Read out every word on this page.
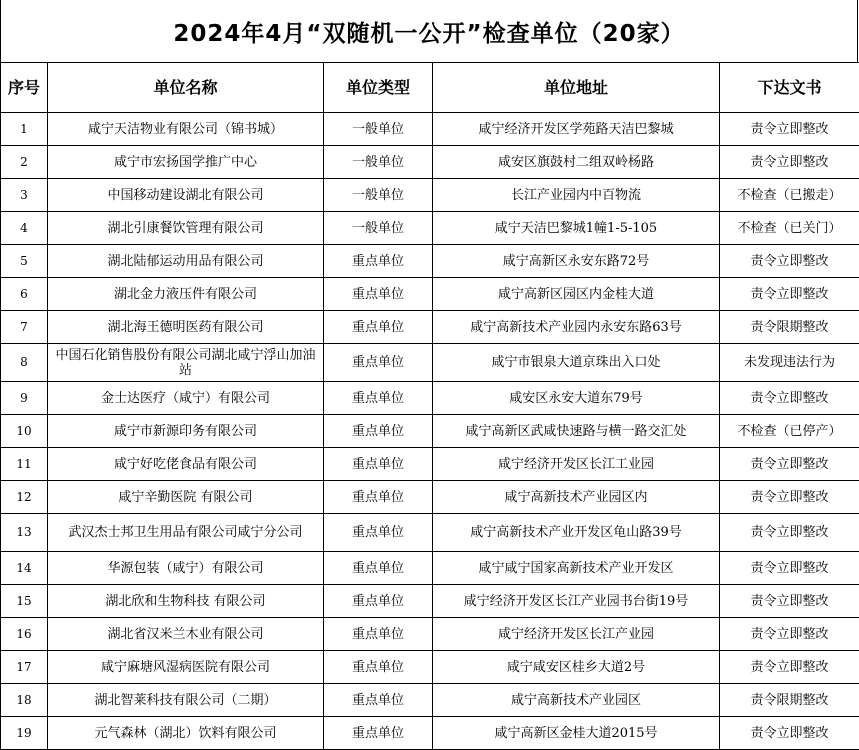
2024年4月“双随机一公开”检查单位（20家）
序号	单位名称	单位类型	单位地址	下达文书
1	咸宁天洁物业有限公司（锦书城）	一般单位	咸宁经济开发区学苑路天洁巴黎城	责令立即整改
2	咸宁市宏扬国学推广中心	一般单位	咸安区旗鼓村二组双岭杨路	责令立即整改
3	中国移动建设湖北有限公司	一般单位	长江产业园内中百物流	不检查（已搬走）
4	湖北引康餐饮管理有限公司	一般单位	咸宁天洁巴黎城1幢1-5-105	不检查（已关门）
5	湖北陆郁运动用品有限公司	重点单位	咸宁高新区永安东路72号	责令立即整改
6	湖北金力液压件有限公司	重点单位	咸宁高新区园区内金桂大道	责令立即整改
7	湖北海王德明医药有限公司	重点单位	咸宁高新技术产业园内永安东路63号	责令限期整改
8	中国石化销售股份有限公司湖北咸宁浮山加油站	重点单位	咸宁市银泉大道京珠出入口处	未发现违法行为
9	金士达医疗（咸宁）有限公司	重点单位	咸安区永安大道东79号	责令立即整改
10	咸宁市新源印务有限公司	重点单位	咸宁高新区武咸快速路与横一路交汇处	不检查（已停产）
11	咸宁好吃佬食品有限公司	重点单位	咸宁经济开发区长江工业园	责令立即整改
12	咸宁辛勤医院 有限公司	重点单位	咸宁高新技术产业园区内	责令立即整改
13	武汉杰士邦卫生用品有限公司咸宁分公司	重点单位	咸宁高新技术产业开发区龟山路39号	责令立即整改
14	华源包装（咸宁）有限公司	重点单位	咸宁咸宁国家高新技术产业开发区	责令立即整改
15	湖北欣和生物科技 有限公司	重点单位	咸宁经济开发区长江产业园书台街19号	责令立即整改
16	湖北省汉米兰木业有限公司	重点单位	咸宁经济开发区长江产业园	责令立即整改
17	咸宁麻塘风湿病医院有限公司	重点单位	咸宁咸安区桂乡大道2号	责令立即整改
18	湖北智莱科技有限公司（二期）	重点单位	咸宁高新技术产业园区	责令限期整改
19	元气森林（湖北）饮料有限公司	重点单位	咸宁高新区金桂大道2015号	责令立即整改
